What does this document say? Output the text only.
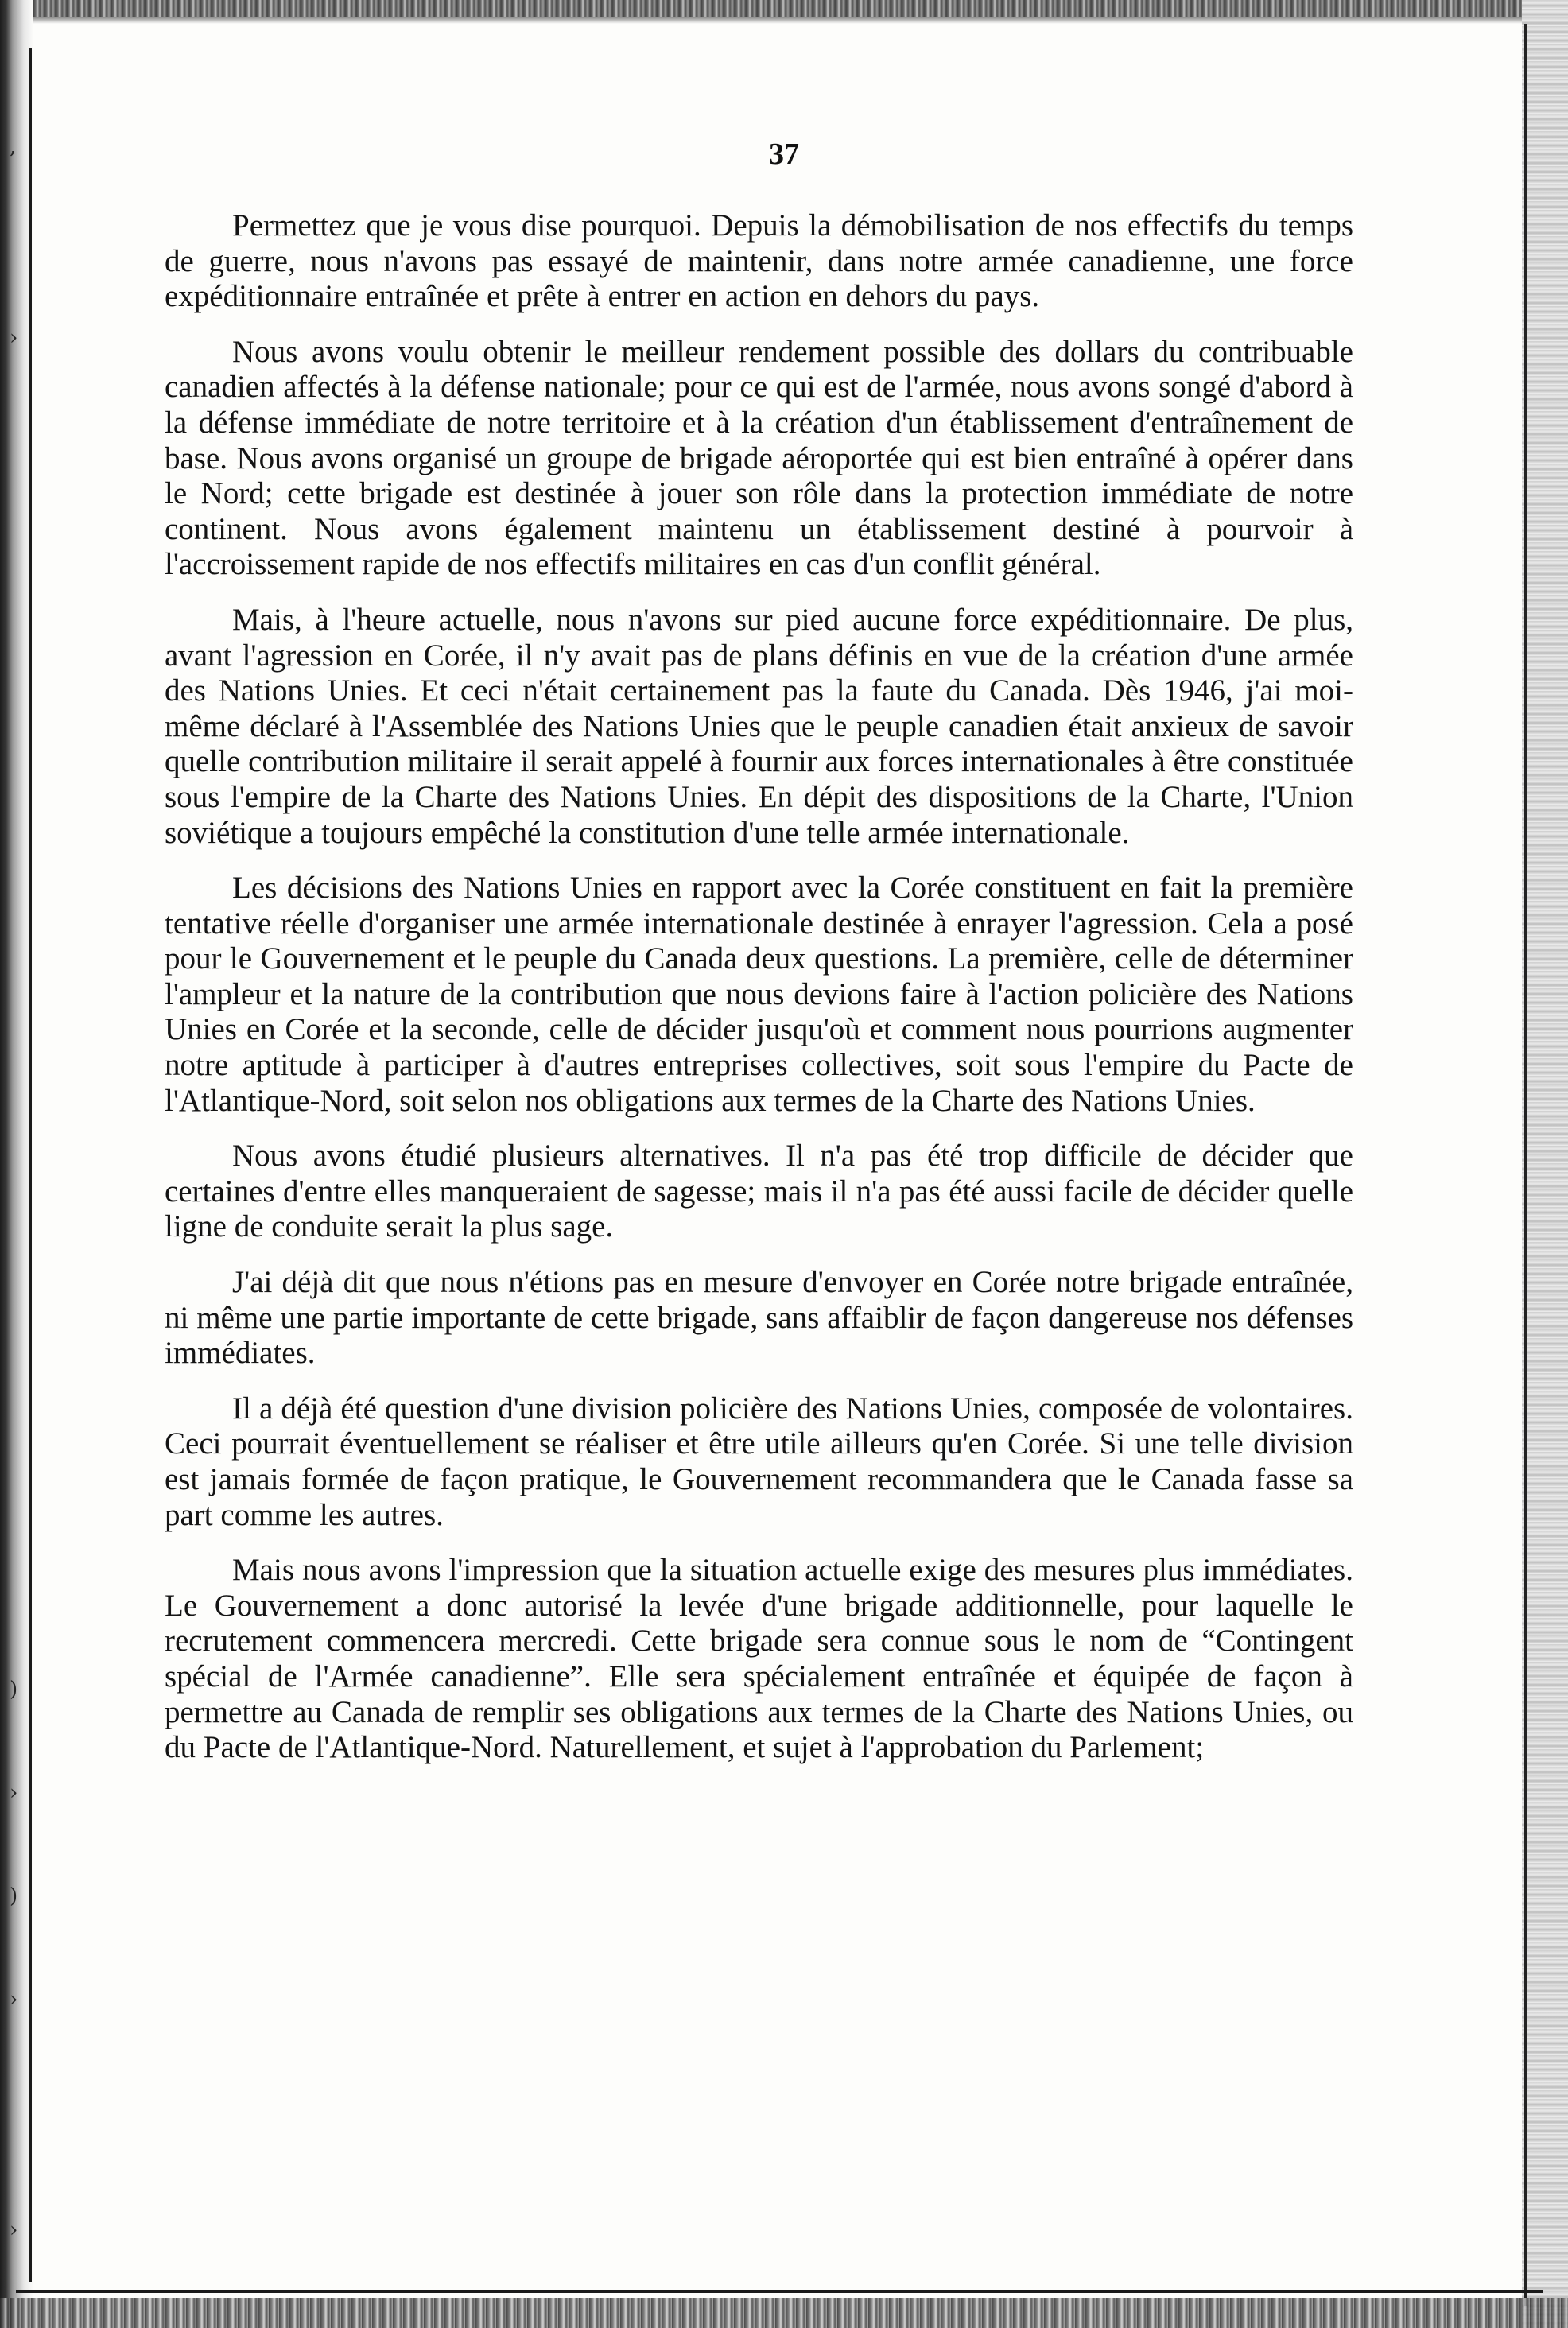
,
›
)
›
)
›
›
37

Permettez que je vous dise pourquoi. Depuis la démobilisation de nos effectifs du temps de guerre, nous n'avons pas essayé de maintenir, dans notre armée canadienne, une force expéditionnaire entraînée et prête à entrer en action en dehors du pays.

Nous avons voulu obtenir le meilleur rendement possible des dollars du contribuable canadien affectés à la défense nationale; pour ce qui est de l'armée, nous avons songé d'abord à la défense immédiate de notre territoire et à la création d'un établissement d'entraînement de base. Nous avons organisé un groupe de brigade aéroportée qui est bien entraîné à opérer dans le Nord; cette brigade est destinée à jouer son rôle dans la protection immédiate de notre continent. Nous avons également maintenu un établissement destiné à pourvoir à l'accroissement rapide de nos effectifs militaires en cas d'un conflit général.

Mais, à l'heure actuelle, nous n'avons sur pied aucune force expéditionnaire. De plus, avant l'agression en Corée, il n'y avait pas de plans définis en vue de la création d'une armée des Nations Unies. Et ceci n'était certainement pas la faute du Canada. Dès 1946, j'ai moi-même déclaré à l'Assemblée des Nations Unies que le peuple canadien était anxieux de savoir quelle contribution militaire il serait appelé à fournir aux forces internationales à être constituée sous l'empire de la Charte des Nations Unies. En dépit des dispositions de la Charte, l'Union soviétique a toujours empêché la constitution d'une telle armée internationale.

Les décisions des Nations Unies en rapport avec la Corée constituent en fait la première tentative réelle d'organiser une armée internationale destinée à enrayer l'agression. Cela a posé pour le Gouvernement et le peuple du Canada deux questions. La première, celle de déterminer l'ampleur et la nature de la contribution que nous devions faire à l'action policière des Nations Unies en Corée et la seconde, celle de décider jusqu'où et comment nous pourrions augmenter notre aptitude à participer à d'autres entreprises collectives, soit sous l'empire du Pacte de l'Atlantique-Nord, soit selon nos obligations aux termes de la Charte des Nations Unies.

Nous avons étudié plusieurs alternatives. Il n'a pas été trop difficile de décider que certaines d'entre elles manqueraient de sagesse; mais il n'a pas été aussi facile de décider quelle ligne de conduite serait la plus sage.

J'ai déjà dit que nous n'étions pas en mesure d'envoyer en Corée notre brigade entraînée, ni même une partie importante de cette brigade, sans affaiblir de façon dangereuse nos défenses immédiates.

Il a déjà été question d'une division policière des Nations Unies, composée de volontaires. Ceci pourrait éventuellement se réaliser et être utile ailleurs qu'en Corée. Si une telle division est jamais formée de façon pratique, le Gouvernement recommandera que le Canada fasse sa part comme les autres.

Mais nous avons l'impression que la situation actuelle exige des mesures plus immédiates. Le Gouvernement a donc autorisé la levée d'une brigade additionnelle, pour laquelle le recrutement commencera mercredi. Cette brigade sera connue sous le nom de “Contingent spécial de l'Armée canadienne”. Elle sera spécialement entraînée et équipée de façon à permettre au Canada de remplir ses obligations aux termes de la Charte des Nations Unies, ou du Pacte de l'Atlantique-Nord. Naturellement, et sujet à l'approbation du Parlement;
